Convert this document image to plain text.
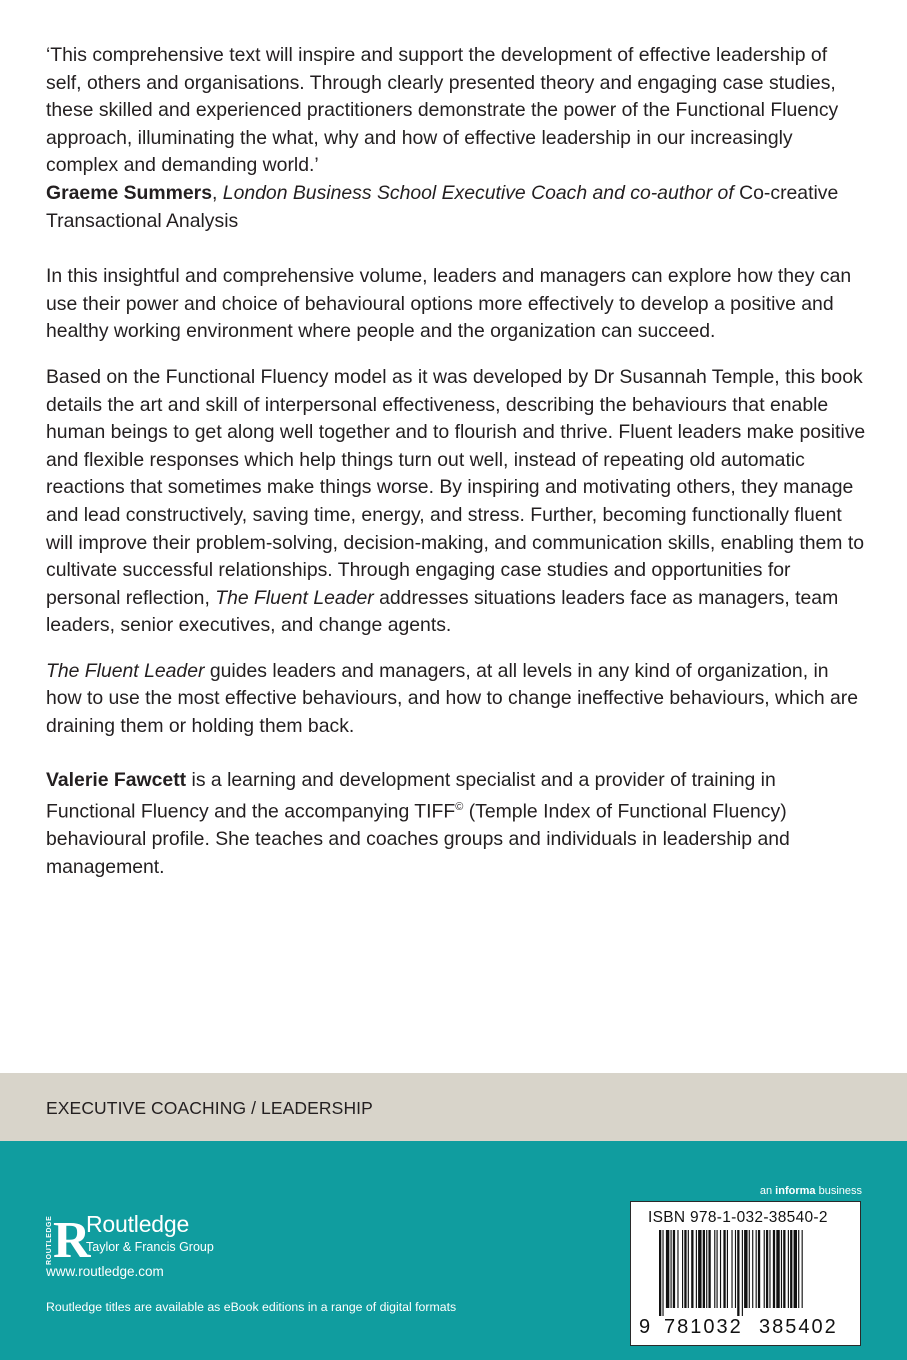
‘This comprehensive text will inspire and support the development of effective leadership of self, others and organisations. Through clearly presented theory and engaging case studies, these skilled and experienced practitioners demonstrate the power of the Functional Fluency approach, illuminating the what, why and how of effective leadership in our increasingly complex and demanding world.’
Graeme Summers, London Business School Executive Coach and co-author of Co-creative Transactional Analysis

In this insightful and comprehensive volume, leaders and managers can explore how they can use their power and choice of behavioural options more effectively to develop a positive and healthy working environment where people and the organization can succeed.

Based on the Functional Fluency model as it was developed by Dr Susannah Temple, this book details the art and skill of interpersonal effectiveness, describing the behaviours that enable human beings to get along well together and to flourish and thrive. Fluent leaders make positive and flexible responses which help things turn out well, instead of repeating old automatic reactions that sometimes make things worse. By inspiring and motivating others, they manage and lead constructively, saving time, energy, and stress. Further, becoming functionally fluent will improve their problem-solving, decision-making, and communication skills, enabling them to cultivate successful relationships. Through engaging case studies and opportunities for personal reflection, The Fluent Leader addresses situations leaders face as managers, team leaders, senior executives, and change agents.

The Fluent Leader guides leaders and managers, at all levels in any kind of organization, in how to use the most effective behaviours, and how to change ineffective behaviours, which are draining them or holding them back.

Valerie Fawcett is a learning and development specialist and a provider of training in Functional Fluency and the accompanying TIFF© (Temple Index of Functional Fluency) behavioural profile. She teaches and coaches groups and individuals in leadership and management.

EXECUTIVE COACHING / LEADERSHIP
ROUTLEDGE R
Routledge
Taylor & Francis Group
www.routledge.com
Routledge titles are available as eBook editions in a range of digital formats
an informa business
ISBN 978-1-032-38540-2
9 781032 385402
